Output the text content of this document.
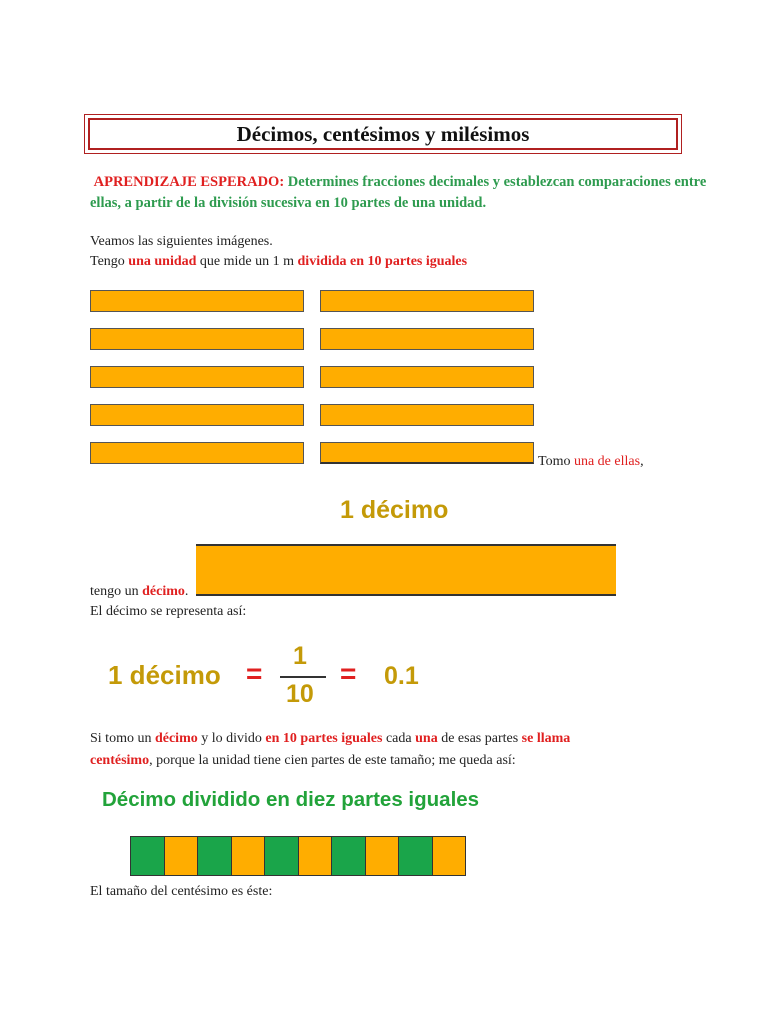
Décimos, centésimos y milésimos
APRENDIZAJE ESPERADO: Determines fracciones decimales y establezcan comparaciones entre ellas, a partir de la división sucesiva en 10 partes de una unidad.
Veamos las siguientes imágenes.
Tengo una unidad que mide un 1 m dividida en 10 partes iguales
Tomo una de ellas,
1 décimo
tengo un décimo.
El décimo se representa así:
1 décimo =
1
10
= 0.1
Si tomo un décimo y lo divido en 10 partes iguales cada una de esas partes se llama centésimo, porque la unidad tiene cien partes de este tamaño; me queda así:
Décimo dividido en diez partes iguales
El tamaño del centésimo es éste:
